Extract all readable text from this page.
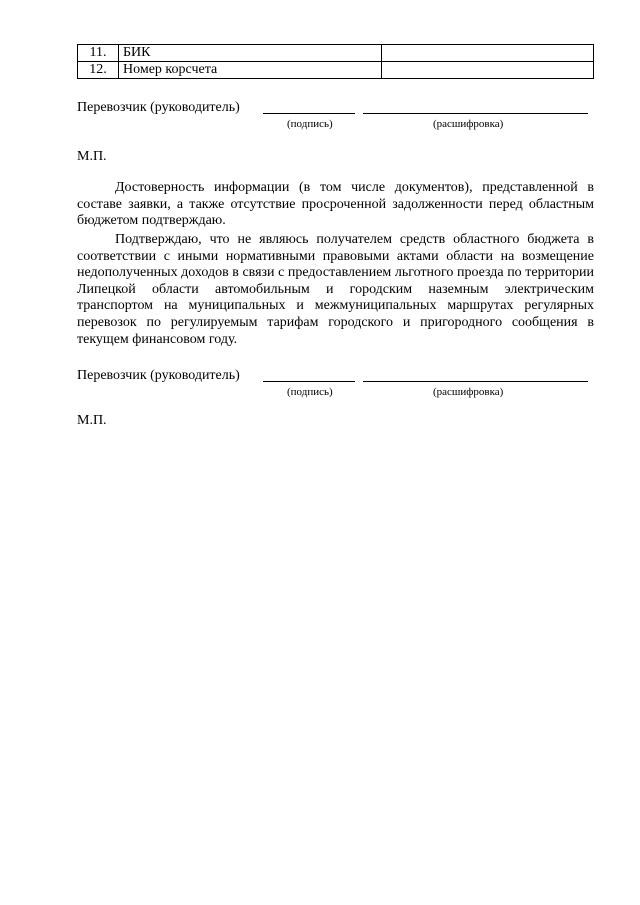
11.	БИК	
12.	Номер корсчета	
Перевозчик (руководитель)
(подпись)	(расшифровка)
М.П.

Достоверность информации (в том числе документов), представленной в составе заявки, а также отсутствие просроченной задолженности перед областным бюджетом подтверждаю.

Подтверждаю, что не являюсь получателем средств областного бюджета в соответствии с иными нормативными правовыми актами области на возмещение недополученных доходов в связи с предоставлением льготного проезда по территории Липецкой области автомобильным и городским наземным электрическим транспортом на муниципальных и межмуниципальных маршрутах регулярных перевозок по регулируемым тарифам городского и пригородного сообщения в текущем финансовом году.

Перевозчик (руководитель)
(подпись)	(расшифровка)
М.П.
